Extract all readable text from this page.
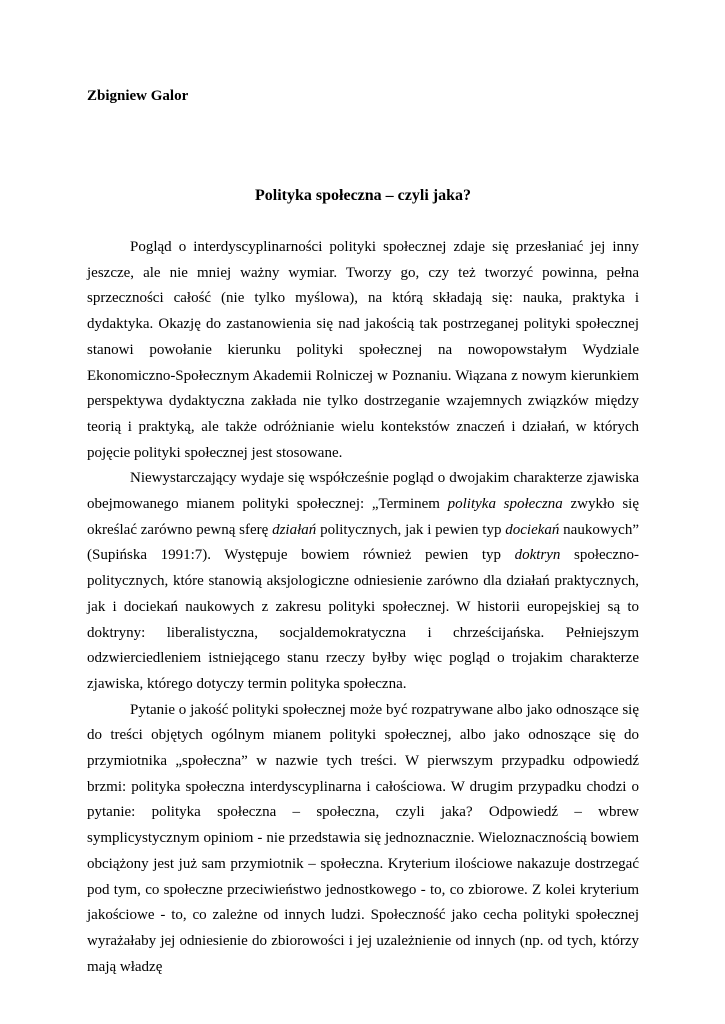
Zbigniew Galor

Polityka społeczna – czyli jaka?

Pogląd o interdyscyplinarności polityki społecznej zdaje się przesłaniać jej inny jeszcze, ale nie mniej ważny wymiar. Tworzy go, czy też tworzyć powinna, pełna sprzeczności całość (nie tylko myślowa), na którą składają się: nauka, praktyka i dydaktyka. Okazję do zastanowienia się nad jakością tak postrzeganej polityki społecznej stanowi powołanie kierunku polityki społecznej na nowopowstałym Wydziale Ekonomiczno-Społecznym Akademii Rolniczej w Poznaniu. Wiązana z nowym kierunkiem perspektywa dydaktyczna zakłada nie tylko dostrzeganie wzajemnych związków między teorią i praktyką, ale także odróżnianie wielu kontekstów znaczeń i działań, w których pojęcie polityki społecznej jest stosowane.

Niewystarczający wydaje się współcześnie pogląd o dwojakim charakterze zjawiska obejmowanego mianem polityki społecznej: „Terminem polityka społeczna zwykło się określać zarówno pewną sferę działań politycznych, jak i pewien typ dociekań naukowych” (Supińska 1991:7). Występuje bowiem również pewien typ doktryn społeczno-politycznych, które stanowią aksjologiczne odniesienie zarówno dla działań praktycznych, jak i dociekań naukowych z zakresu polityki społecznej. W historii europejskiej są to doktryny: liberalistyczna, socjaldemokratyczna i chrześcijańska. Pełniejszym odzwierciedleniem istniejącego stanu rzeczy byłby więc pogląd o trojakim charakterze zjawiska, którego dotyczy termin polityka społeczna.

Pytanie o jakość polityki społecznej może być rozpatrywane albo jako odnoszące się do treści objętych ogólnym mianem polityki społecznej, albo jako odnoszące się do przymiotnika „społeczna” w nazwie tych treści. W pierwszym przypadku odpowiedź brzmi: polityka społeczna interdyscyplinarna i całościowa. W drugim przypadku chodzi o pytanie: polityka społeczna – społeczna, czyli jaka? Odpowiedź – wbrew symplicystycznym opiniom - nie przedstawia się jednoznacznie. Wieloznacznością bowiem obciążony jest już sam przymiotnik – społeczna. Kryterium ilościowe nakazuje dostrzegać pod tym, co społeczne przeciwieństwo jednostkowego - to, co zbiorowe. Z kolei kryterium jakościowe - to, co zależne od innych ludzi. Społeczność jako cecha polityki społecznej wyrażałaby jej odniesienie do zbiorowości i jej uzależnienie od innych (np. od tych, którzy mają władzę
